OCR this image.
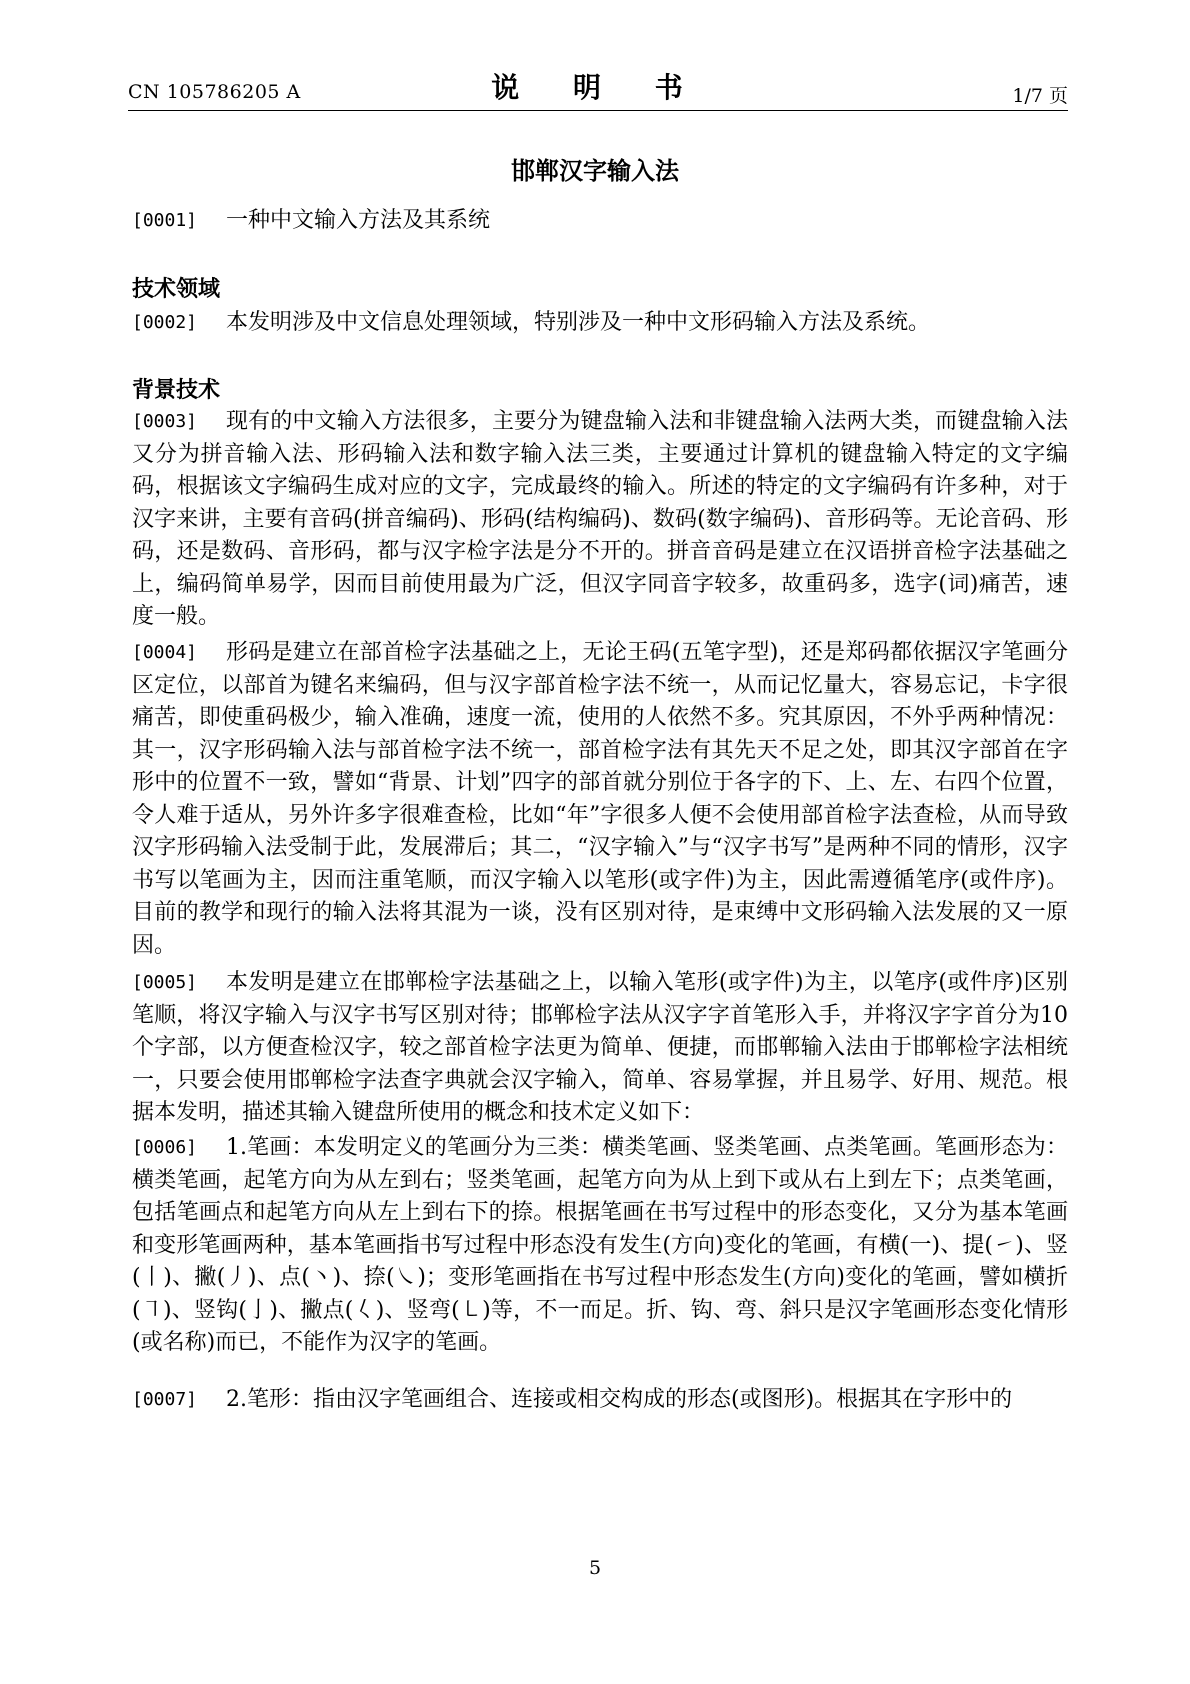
CN 105786205 A	说 明 书	1/7 页
邯郸汉字输入法
[0001] 一种中文输入方法及其系统
技术领域
[0002] 本发明涉及中文信息处理领域，特别涉及一种中文形码输入方法及系统。
背景技术
[0003] 现有的中文输入方法很多，主要分为键盘输入法和非键盘输入法两大类，而键盘输入法又分为拼音输入法、形码输入法和数字输入法三类，主要通过计算机的键盘输入特定的文字编码，根据该文字编码生成对应的文字，完成最终的输入。所述的特定的文字编码有许多种，对于汉字来讲，主要有音码(拼音编码)、形码(结构编码)、数码(数字编码)、音形码等。无论音码、形码，还是数码、音形码，都与汉字检字法是分不开的。拼音音码是建立在汉语拼音检字法基础之上，编码简单易学，因而目前使用最为广泛，但汉字同音字较多，故重码多，选字(词)痛苦，速度一般。
[0004] 形码是建立在部首检字法基础之上，无论王码(五笔字型)，还是郑码都依据汉字笔画分区定位，以部首为键名来编码，但与汉字部首检字法不统一，从而记忆量大，容易忘记，卡字很痛苦，即使重码极少，输入准确，速度一流，使用的人依然不多。究其原因，不外乎两种情况：其一，汉字形码输入法与部首检字法不统一，部首检字法有其先天不足之处，即其汉字部首在字形中的位置不一致，譬如“背景、计划”四字的部首就分别位于各字的下、上、左、右四个位置，令人难于适从，另外许多字很难查检，比如“年”字很多人便不会使用部首检字法查检，从而导致汉字形码输入法受制于此，发展滞后；其二，“汉字输入”与“汉字书写”是两种不同的情形，汉字书写以笔画为主，因而注重笔顺，而汉字输入以笔形(或字件)为主，因此需遵循笔序(或件序)。目前的教学和现行的输入法将其混为一谈，没有区别对待，是束缚中文形码输入法发展的又一原因。
[0005] 本发明是建立在邯郸检字法基础之上，以输入笔形(或字件)为主，以笔序(或件序)区别笔顺，将汉字输入与汉字书写区别对待；邯郸检字法从汉字字首笔形入手，并将汉字字首分为10个字部，以方便查检汉字，较之部首检字法更为简单、便捷，而邯郸输入法由于邯郸检字法相统一，只要会使用邯郸检字法查字典就会汉字输入，简单、容易掌握，并且易学、好用、规范。根据本发明，描述其输入键盘所使用的概念和技术定义如下：
[0006] 1.笔画：本发明定义的笔画分为三类：横类笔画、竖类笔画、点类笔画。笔画形态为：横类笔画，起笔方向为从左到右；竖类笔画，起笔方向为从上到下或从右上到左下；点类笔画，包括笔画点和起笔方向从左上到右下的捺。根据笔画在书写过程中的形态变化，又分为基本笔画和变形笔画两种，基本笔画指书写过程中形态没有发生(方向)变化的笔画，有横(一)、提(㇀)、竖(丨)、撇(丿)、点(丶)、捺(㇏)；变形笔画指在书写过程中形态发生(方向)变化的笔画，譬如横折(㇕)、竖钩(亅)、撇点(𡿨)、竖弯(㇄)等，不一而足。折、钩、弯、斜只是汉字笔画形态变化情形(或名称)而已，不能作为汉字的笔画。
[0007] 2.笔形：指由汉字笔画组合、连接或相交构成的形态(或图形)。根据其在字形中的
5
